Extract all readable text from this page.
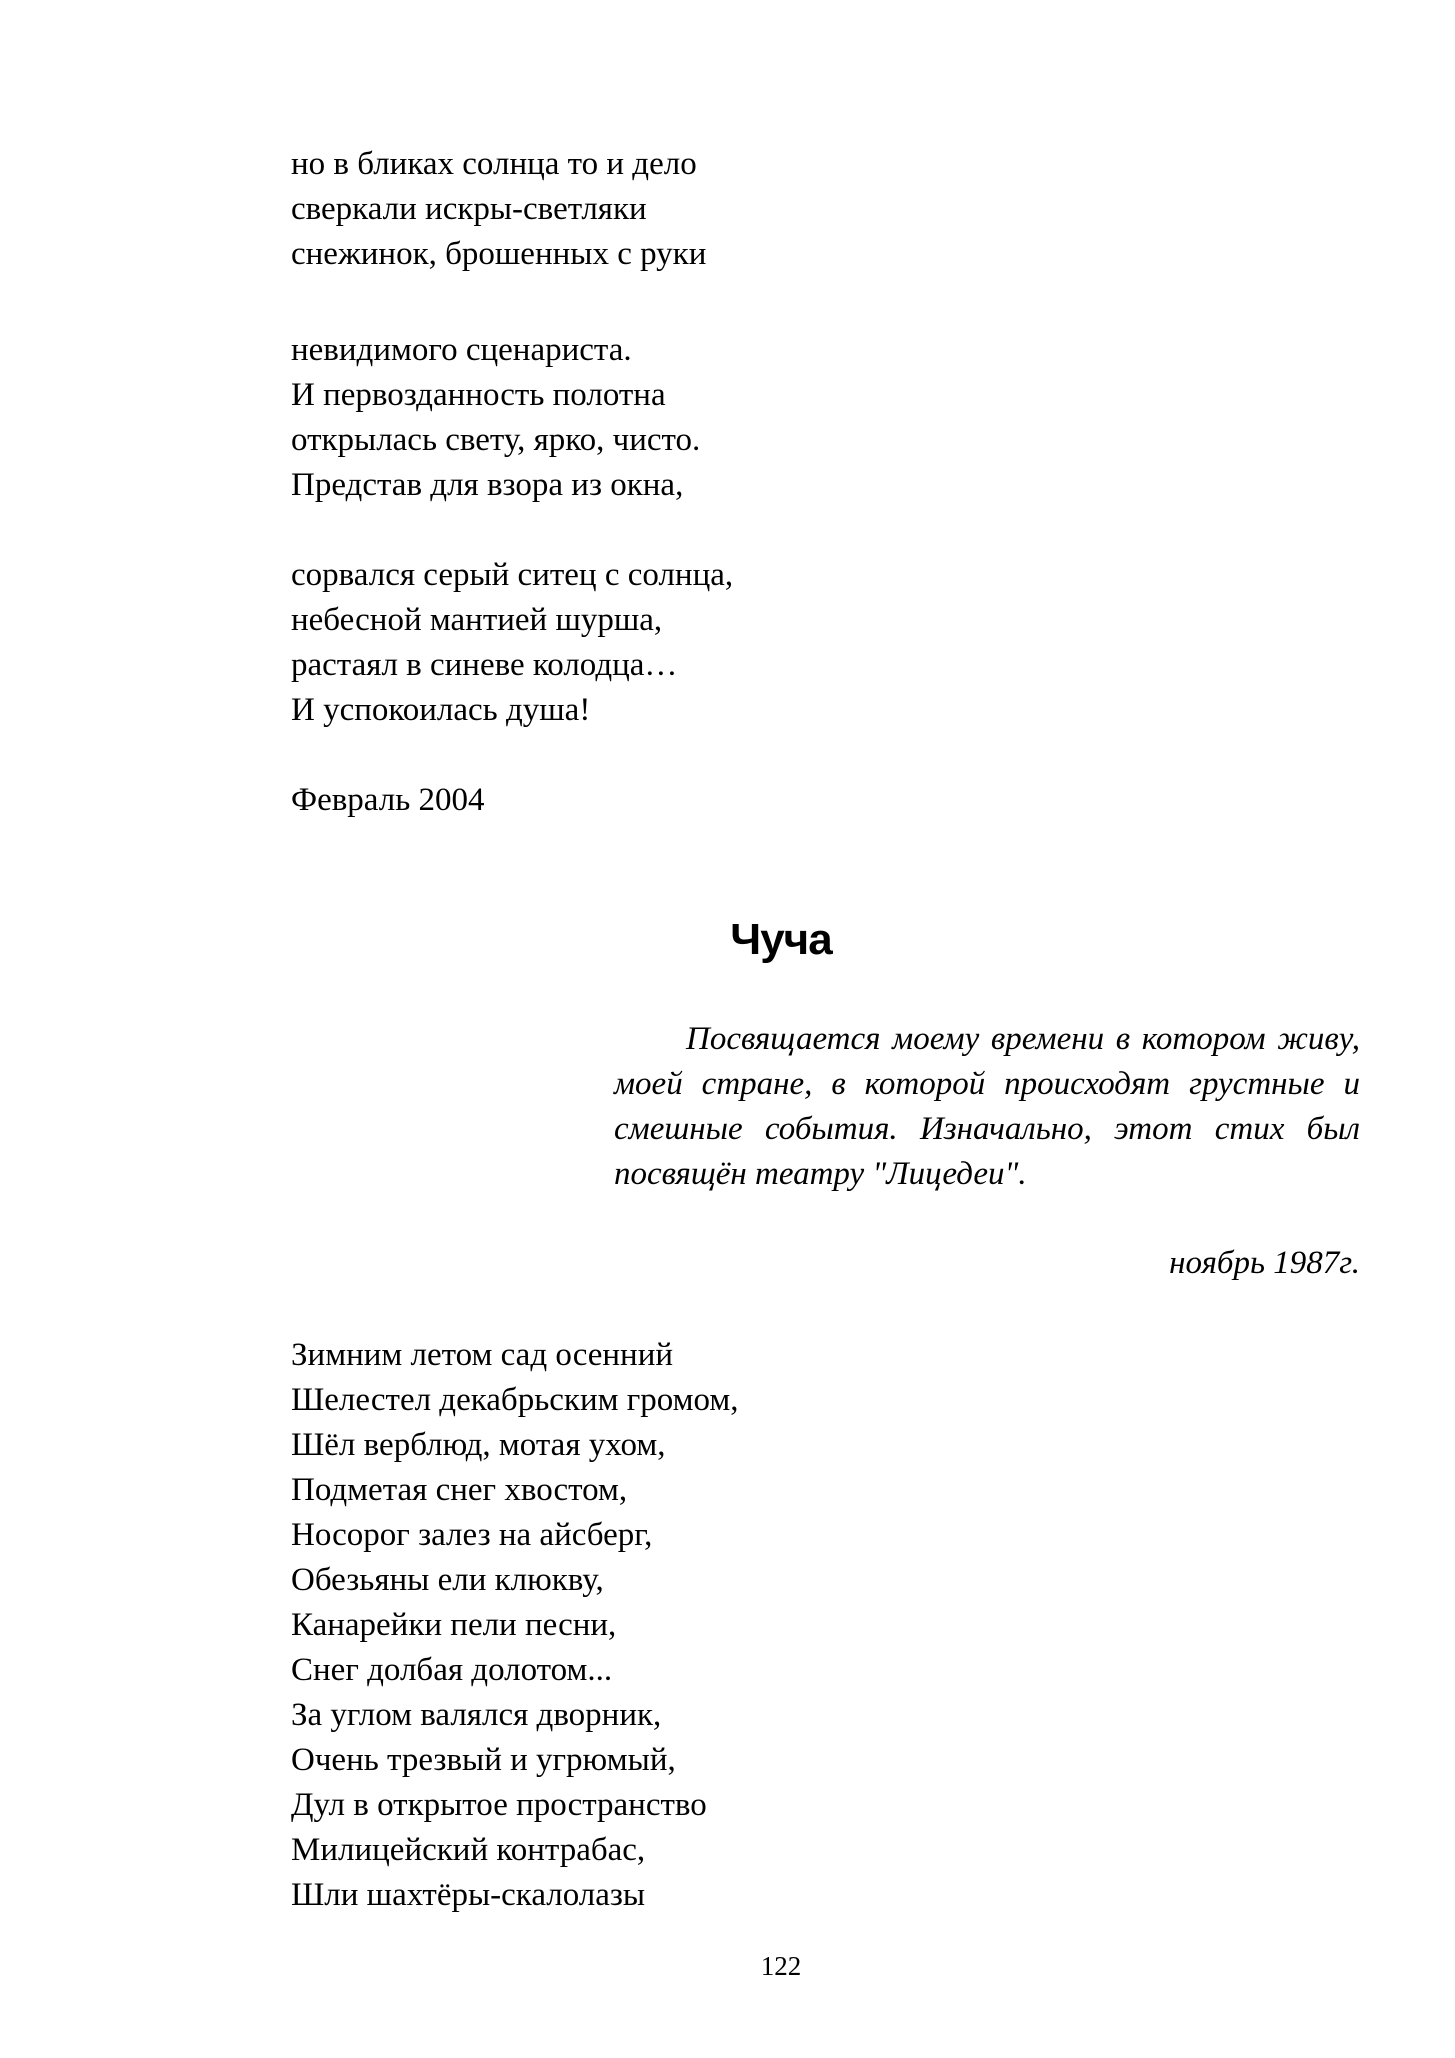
но в бликах солнца то и дело
сверкали искры-светляки
снежинок, брошенных с руки
невидимого сценариста.
И первозданность полотна
открылась свету, ярко, чисто.
Представ для взора из окна,
сорвался серый ситец с солнца,
небесной мантией шурша,
растаял в синеве колодца…
И успокоилась душа!
Февраль 2004
Чуча

Посвящается моему времени в котором живу, моей стране, в которой происходят грустные и смешные события. Изначально, этот стих был посвящён театру "Лицедеи".

ноябрь 1987г.

Зимним летом сад осенний
Шелестел декабрьским громом,
Шёл верблюд, мотая ухом,
Подметая снег хвостом,
Носорог залез на айсберг,
Обезьяны ели клюкву,
Канарейки пели песни,
Снег долбая долотом...
За углом валялся дворник,
Очень трезвый и угрюмый,
Дул в открытое пространство
Милицейский контрабас,
Шли шахтёры-скалолазы

122
